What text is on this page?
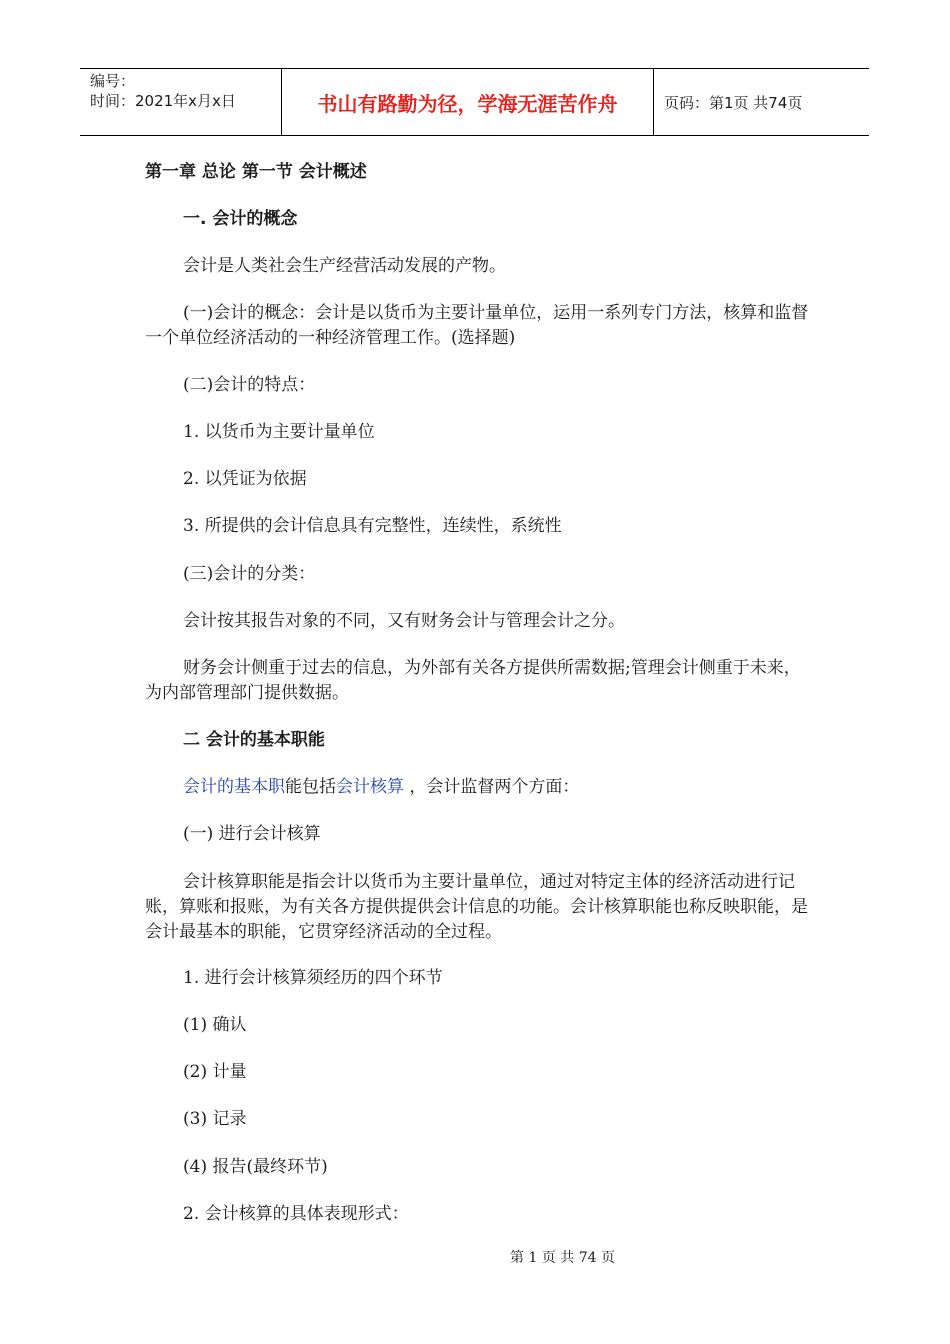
编号：
时间：2021年x月x日	书山有路勤为径，学海无涯苦作舟	页码：第1页 共74页

第一章 总论 第一节 会计概述

一. 会计的概念

会计是人类社会生产经营活动发展的产物。

(一)会计的概念：会计是以货币为主要计量单位，运用一系列专门方法，核算和监督一个单位经济活动的一种经济管理工作。(选择题)

(二)会计的特点：

1. 以货币为主要计量单位

2. 以凭证为依据

3. 所提供的会计信息具有完整性，连续性，系统性

(三)会计的分类：

会计按其报告对象的不同，又有财务会计与管理会计之分。

财务会计侧重于过去的信息，为外部有关各方提供所需数据;管理会计侧重于未来，为内部管理部门提供数据。

二 会计的基本职能

会计的基本职能包括会计核算 ，会计监督两个方面：

(一) 进行会计核算

会计核算职能是指会计以货币为主要计量单位，通过对特定主体的经济活动进行记账，算账和报账，为有关各方提供提供会计信息的功能。会计核算职能也称反映职能，是会计最基本的职能，它贯穿经济活动的全过程。

1. 进行会计核算须经历的四个环节

(1) 确认

(2) 计量

(3) 记录

(4) 报告(最终环节)

2. 会计核算的具体表现形式：

第 1 页 共 74 页
